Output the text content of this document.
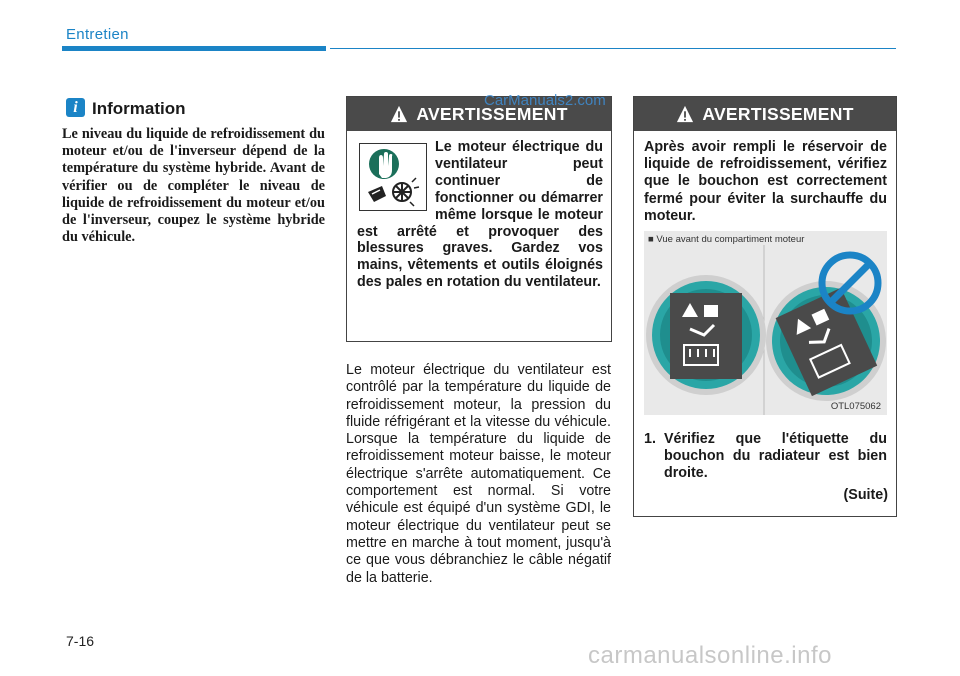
Entretien
i Information
Le niveau du liquide de refroidissement du moteur et/ou de l'inverseur dépend de la température du système hybride. Avant de vérifier ou de compléter le niveau de liquide de refroidissement du moteur et/ou de l'inverseur, coupez le système hybride du véhicule.
AVERTISSEMENT
Le moteur électrique du ventilateur peut continuer de fonctionner ou démarrer même lorsque le moteur est arrêté et provoquer des blessures graves. Gardez vos mains, vêtements et outils éloignés des pales en rotation du ventilateur.
Le moteur électrique du ventilateur est contrôlé par la température du liquide de refroidissement moteur, la pression du fluide réfrigérant et la vitesse du véhicule. Lorsque la température du liquide de refroidissement moteur baisse, le moteur électrique s'arrête automatiquement. Ce comportement est normal. Si votre véhicule est équipé d'un système GDI, le moteur électrique du ventilateur peut se mettre en marche à tout moment, jusqu'à ce que vous débranchiez le câble négatif de la batterie.
AVERTISSEMENT
Après avoir rempli le réservoir de liquide de refroidissement, vérifiez que le bouchon est correctement fermé pour éviter la surchauffe du moteur.
■ Vue avant du compartiment moteur
OTL075062
1. Vérifiez que l'étiquette du bouchon du radiateur est bien droite.
(Suite)
7-16
CarManuals2.com
carmanualsonline.info
